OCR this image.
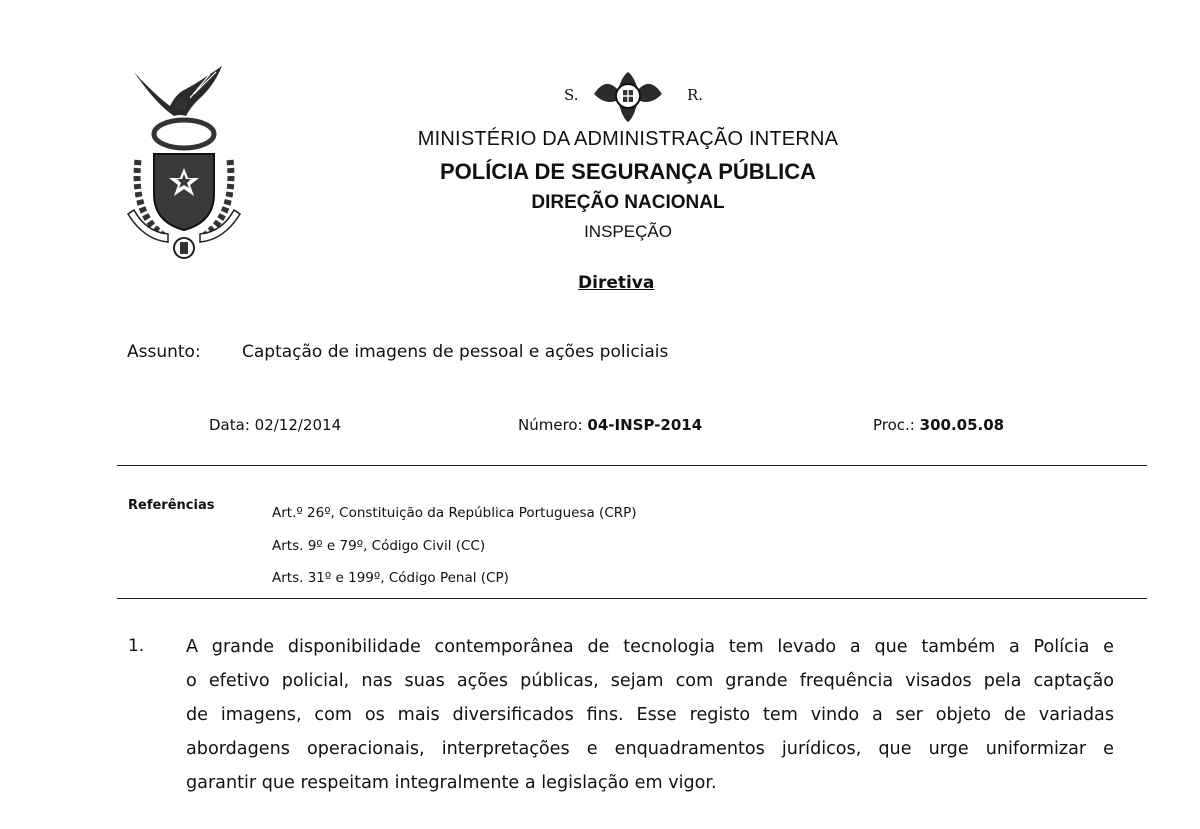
S.	R.
MINISTÉRIO DA ADMINISTRAÇÃO INTERNA
POLÍCIA DE SEGURANÇA PÚBLICA
DIREÇÃO NACIONAL
INSPEÇÃO
Diretiva
Assunto: Captação de imagens de pessoal e ações policiais
Data: 02/12/2014	Número: 04-INSP-2014	Proc.: 300.05.08
Referências	Art.º 26º, Constituição da República Portuguesa (CRP)
Arts. 9º e 79º, Código Civil (CC)
Arts. 31º e 199º, Código Penal (CP)
1. A grande disponibilidade contemporânea de tecnologia tem levado a que também a Polícia e
o efetivo policial, nas suas ações públicas, sejam com grande frequência visados pela captação
de imagens, com os mais diversificados fins. Esse registo tem vindo a ser objeto de variadas
abordagens operacionais, interpretações e enquadramentos jurídicos, que urge uniformizar e
garantir que respeitam integralmente a legislação em vigor.
